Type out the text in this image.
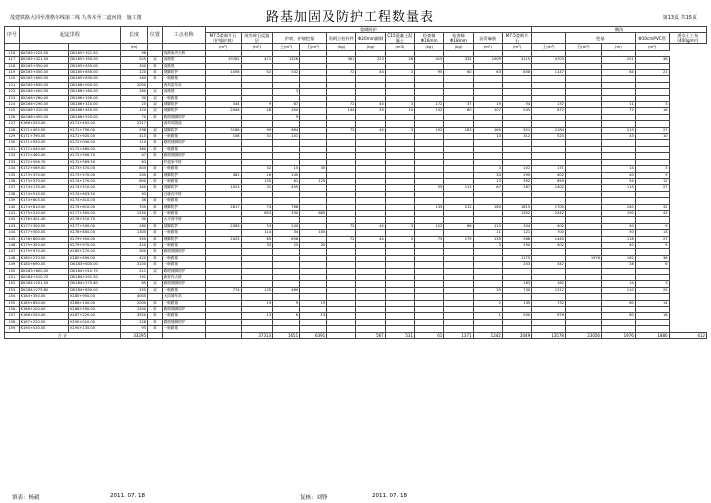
茂建铁路大同至准格尔线第二线 九各木至二道河段　施工图	路基加固及防护工程数量表	第13页 共15页
序号	起迄里程		长度	位置	工点名称	浆砌防护											侧沟				
						M7.5浆砌片石（护墙护坡）	纯夹碎石反滤层	护坡、护墙挖基		角钢立柱杆件	Φ20mm圆钢	C15混凝土混凝土	检查梯Φ16mm	检查梯Φ18mm	沥青麻筋	M7.5浆砌片石		挖基		Φ10cmPVC管	透水土工布(400g/m²)
			(m)			(m³)	(m³)	土(m³)	石(m³)	(kg)	(kg)	(m3)	(kg)	(kg)	(m²)	(m³)	土(m³)	石(m³)	(m)	(m²)	
116	DK165+225.50	DK165+321.50	96		线路角内天桥																
117	DK165+321.50	DK165+350.00	525	双	高路堑	19782	471	1326		361	223	26	415	332	1009	3115	4703		251	36	
118	DK165+350.00	DK165+450.00	300	单	高路堤																
119	DK165+450.00	DK165+650.00	220	单	坡脚防护	1056	52	332		72	44	3	95	60	63	858	1147		84	21	
120	DK165+650.00	DK165+830.00	160	单	一般路基																
121	DK165+830.00	DK166+000.00	2000		西鸡窑车站																
122	DK166+000.00	DK166+260.00	260	双	高路堤			3													
123	DK166+260.00	DK166+290.00	30	双	一般路基																
124	DK166+290.00	DK166+310.00	25	双	坡脚防护	344	9	67		72	44	3	172	37	19	54	137		11	3	
125	DK166+310.00	DK166+450.00	120	双	坡脚防护	2006	28	300		144	29	10	132	60	107	545	672		72	16	
126	DK166+450.00	DK166+520.00	70	单	路堤坡脚防护			9													
127	K166+520.00	K171+492.00	2217		西鸡鸡隧道																
128	K171+492.00	K171+790.00	298	双	坡脚防护	3186	99	684		72	44	3	192	183	169	921	2184		219	27	
129	K171+790.00	K171+920.00	415	单	一般路基	106	31	101							10	312	523		43	10	
130	K171+920.00	K172+040.00	110	单	路堤坡脚防护																
131	K172+040.00	K172+460.00	380	单	一般路基																
132	K172+460.00	K172+506.70	47	单	路堤坡脚防护																
133	K172+506.70	K172+569.50	63		仟道家中桥																
134	K172+569.50	K173+370.00	800	单	一般路基		32	15	30						3	102	171		14	3	
135	K173+370.00	K173+570.00	200	单	坡脚防护	481	16	240							34	290	402		40	9	
136	K173+570.00	K174+170.00	600	单	一般路基		135	61	129						13	392	659		54	12	
137	K174+170.00	K174+510.00	340	单	坡脚防护	1023	31	409					55	113	67	287	1402		115	27	
138	K174+510.00	K174+603.50	93		白鹿沟中桥																
139	K174+603.50	K174+810.00	36	单	一般路基																
140	K174+810.00	K175+810.00	700	单	坡脚防护	2817	74	768					135	212	160	1615	1700		240	32	
141	K175+510.00	K177+300.00	1550	单	一般路基		653	330	660							1392	2342		190	43	
142	K176+401.40	K176+510.70	90		大平营中桥																
143	K177+300.00	K177+500.00	280	单	坡脚防护	2363	53	240		72	44	3	122	66	110	304	402		40	9	
144	K177+500.00	K178+800.00	1300	单	一般路基		114	34	100						11	121	700		50	13	
145	K178+800.00	K179+350.00	550	单	坡脚防护	2425	65	658		72	44	3	75	179	139	568	1440		118	27	
146	K179+350.00	K179+970.00	420	单	一般路基		33	25	30						3	290	402		40	9	
147	K179+970.00	K180+270.00	300	单	路堤坡脚防护																
148	K180+270.00	K180+690.00	420	单	一般路基											1175		1976	162	38	
149	K180+690.00	DK183+800.00	3100	单	一般路基											203	342		28	6	
150	DK183+800.00	DK184+010.70	211	双	路堤坡脚防护																
151	DK184+010.70	DK184+201.50	191		新营内大桥																
152	DK184+201.50	DK184+275.60	65	双	路堤坡脚防护											183	162		14	3	
153	DK184+275.60	DK184+850.00	255	双	一般路基	774	135	489							39	730	1312		110	25	
154	K184+350.00	K185+950.00	4000		大同城车站																
155	K185+850.00	K186+100.00	2000	单	一般路基		19	9	19						2	135	732		60	14	
156	K186+100.00	K186+550.00	1500	单	路堤坡脚防护																
157	K186+550.00	K187+220.00	3920	单	一般路基		13	6	13						1	500	976		80	18	
158	K187+220.00	K190+010.00	228	单	路堤坡脚防护																
159	K190+010.00	K190+135.00	95	单	一般路基																
合 计			33295				37313	1651	6391		567	531	61	1371	1242	2049	13578	23056	1976	1880	412
填表：杨毅	2011. 07. 18	复核：刘铮	2011. 07. 18
